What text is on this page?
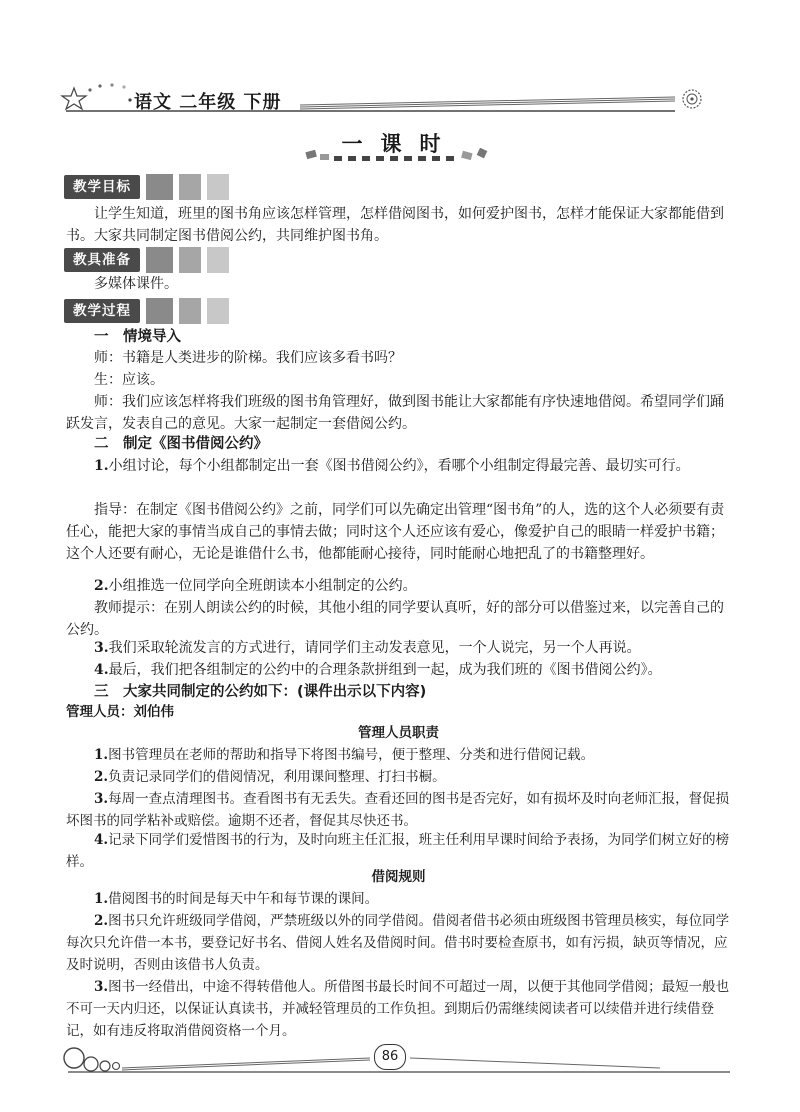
语文 二年级 下册
一课时
教学目标
让学生知道，班里的图书角应该怎样管理，怎样借阅图书，如何爱护图书，怎样才能保证大家都能借到书。大家共同制定图书借阅公约，共同维护图书角。
教具准备
多媒体课件。
教学过程
一　情境导入
师：书籍是人类进步的阶梯。我们应该多看书吗？
生：应该。
师：我们应该怎样将我们班级的图书角管理好，做到图书能让大家都能有序快速地借阅。希望同学们踊跃发言，发表自己的意见。大家一起制定一套借阅公约。
二　制定《图书借阅公约》
1.小组讨论，每个小组都制定出一套《图书借阅公约》，看哪个小组制定得最完善、最切实可行。
指导：在制定《图书借阅公约》之前，同学们可以先确定出管理“图书角”的人，选的这个人必须要有责任心，能把大家的事情当成自己的事情去做；同时这个人还应该有爱心，像爱护自己的眼睛一样爱护书籍；这个人还要有耐心，无论是谁借什么书，他都能耐心接待，同时能耐心地把乱了的书籍整理好。
2.小组推选一位同学向全班朗读本小组制定的公约。
教师提示：在别人朗读公约的时候，其他小组的同学要认真听，好的部分可以借鉴过来，以完善自己的公约。
3.我们采取轮流发言的方式进行，请同学们主动发表意见，一个人说完，另一个人再说。
4.最后，我们把各组制定的公约中的合理条款拼组到一起，成为我们班的《图书借阅公约》。
三　大家共同制定的公约如下：(课件出示以下内容)
管理人员：刘伯伟
管理人员职责
1.图书管理员在老师的帮助和指导下将图书编号，便于整理、分类和进行借阅记载。
2.负责记录同学们的借阅情况，利用课间整理、打扫书橱。
3.每周一查点清理图书。查看图书有无丢失。查看还回的图书是否完好，如有损坏及时向老师汇报，督促损坏图书的同学粘补或赔偿。逾期不还者，督促其尽快还书。
4.记录下同学们爱惜图书的行为，及时向班主任汇报，班主任利用早课时间给予表扬，为同学们树立好的榜样。
借阅规则
1.借阅图书的时间是每天中午和每节课的课间。
2.图书只允许班级同学借阅，严禁班级以外的同学借阅。借阅者借书必须由班级图书管理员核实，每位同学每次只允许借一本书，要登记好书名、借阅人姓名及借阅时间。借书时要检查原书，如有污损，缺页等情况，应及时说明，否则由该借书人负责。
3.图书一经借出，中途不得转借他人。所借图书最长时间不可超过一周，以便于其他同学借阅；最短一般也不可一天内归还，以保证认真读书，并减轻管理员的工作负担。到期后仍需继续阅读者可以续借并进行续借登记，如有违反将取消借阅资格一个月。
86
